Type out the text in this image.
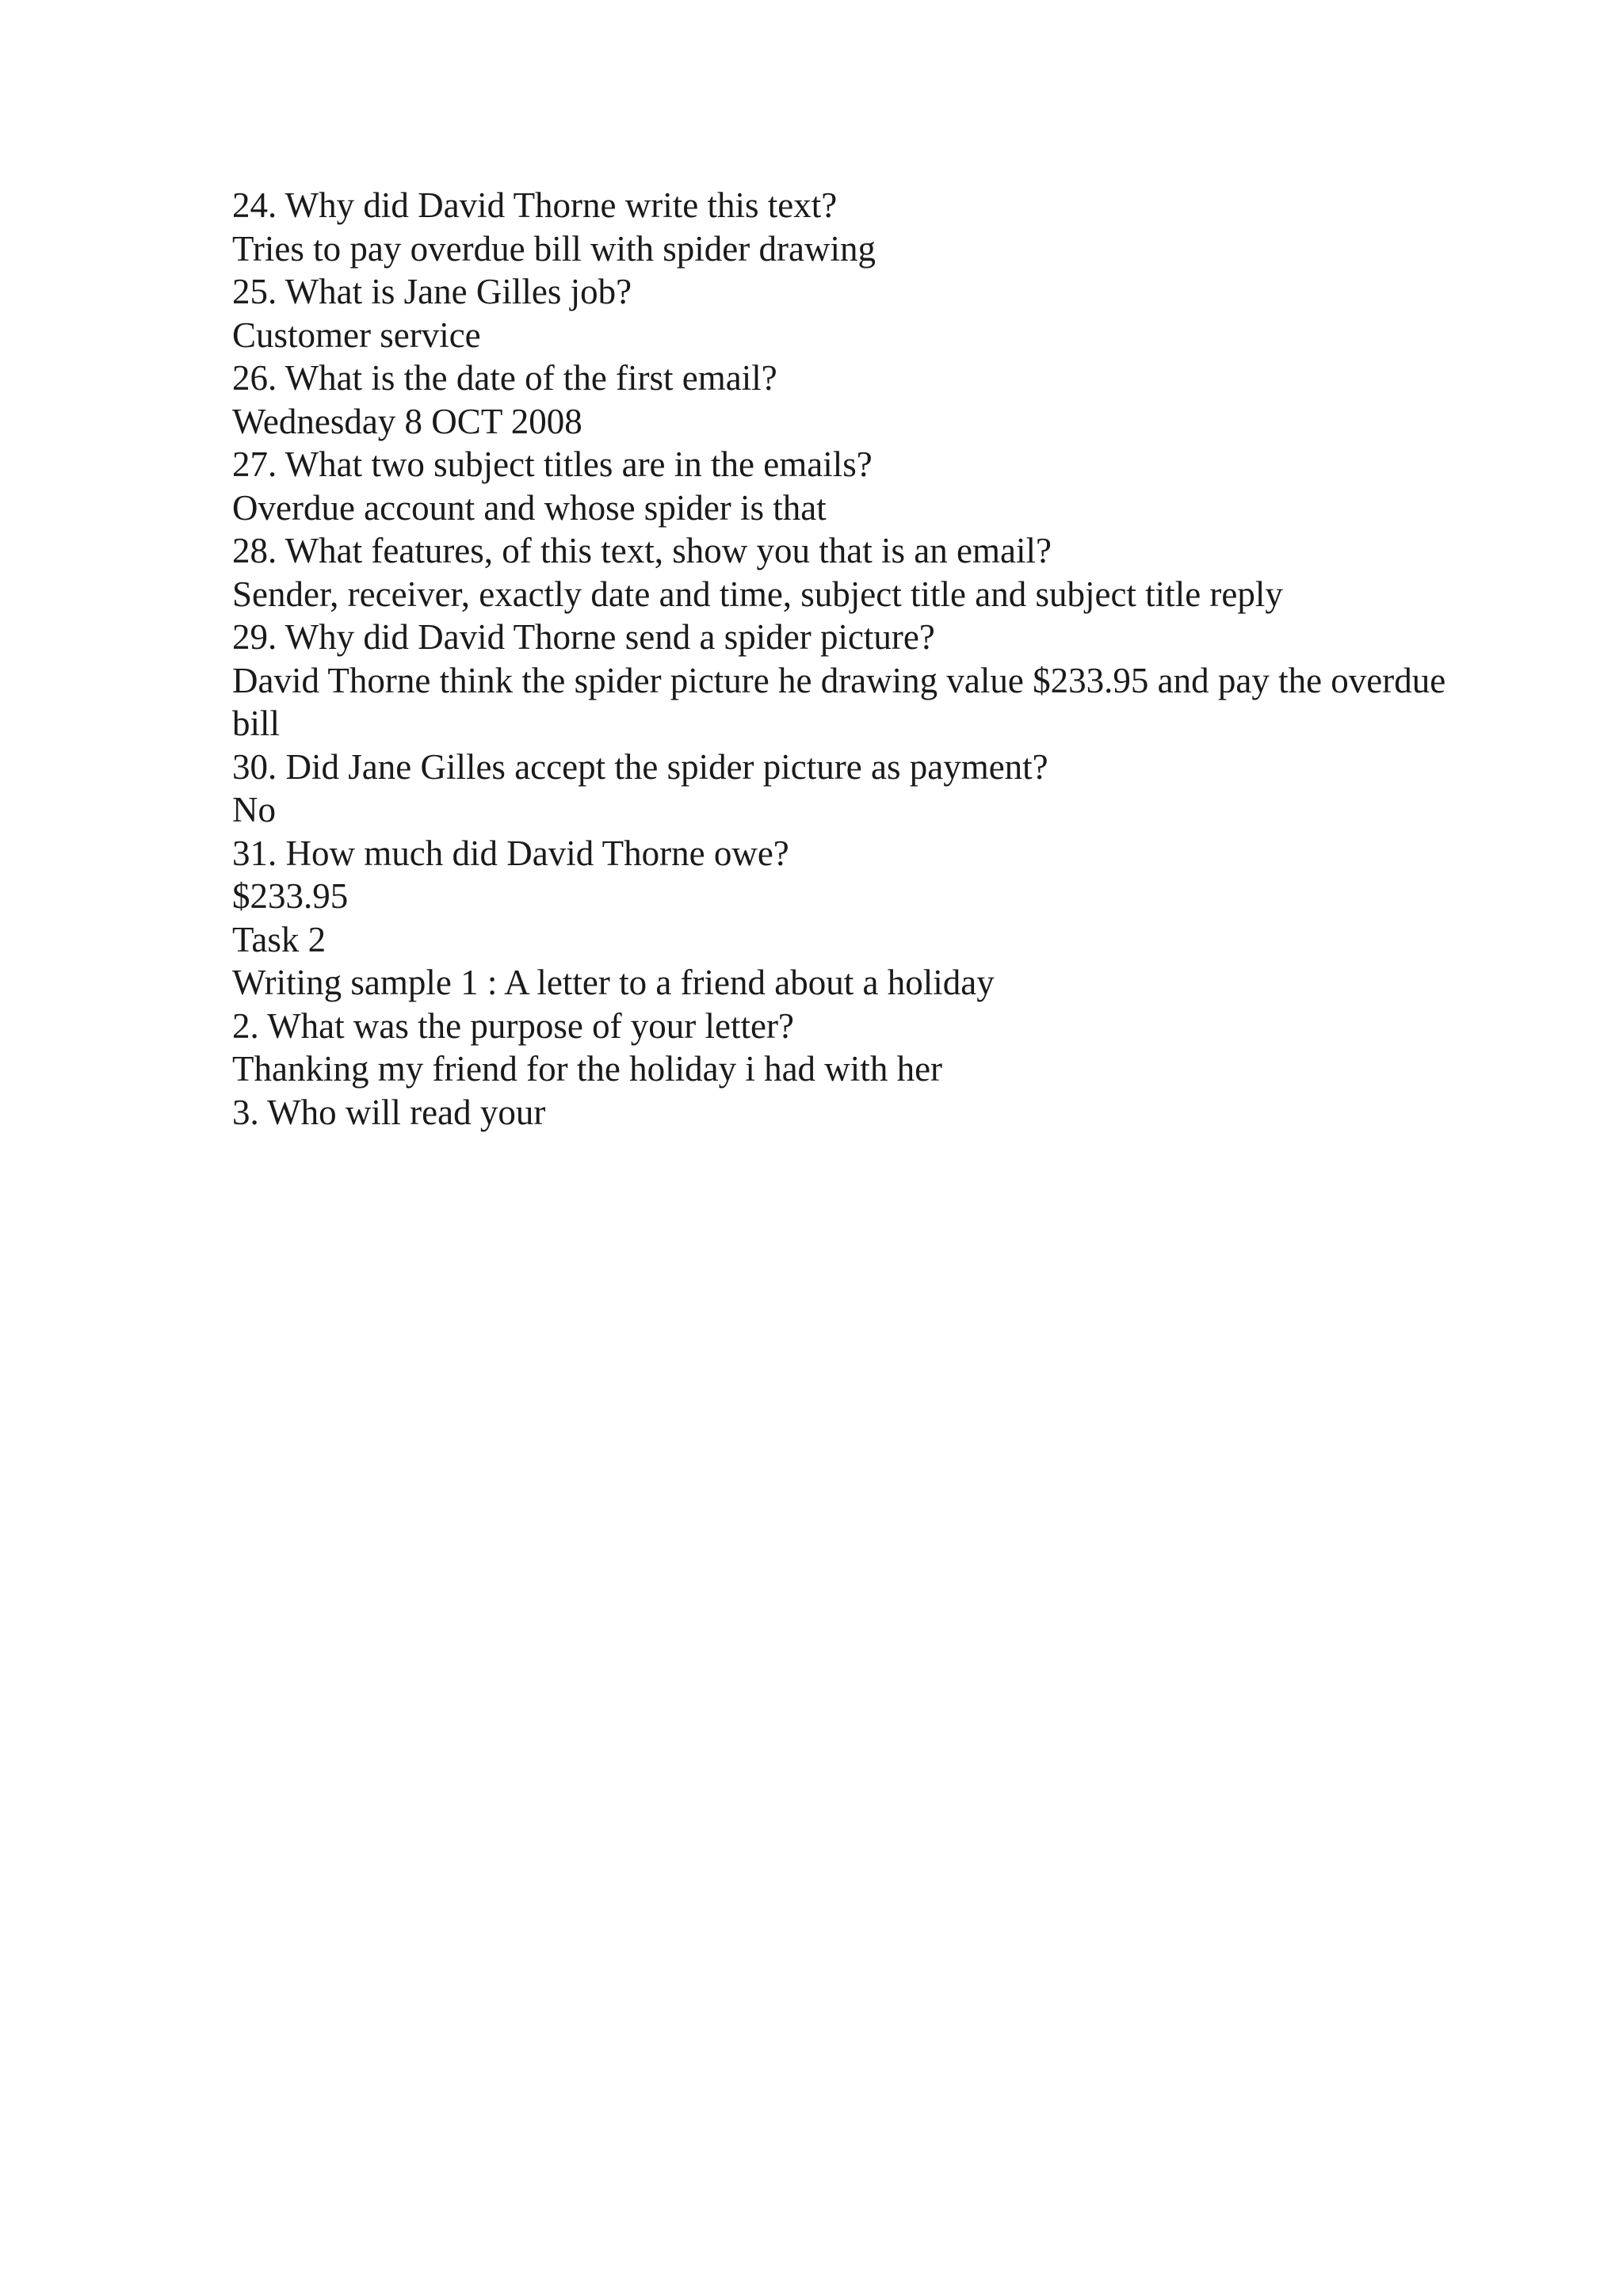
24. Why did David Thorne write this text?
Tries to pay overdue bill with spider drawing
25. What is Jane Gilles job?
Customer service
26. What is the date of the first email?
Wednesday 8 OCT 2008
27. What two subject titles are in the emails?
Overdue account and whose spider is that
28. What features, of this text, show you that is an email?
Sender, receiver, exactly date and time, subject title and subject title reply
29. Why did David Thorne send a spider picture?
David Thorne think the spider picture he drawing value $233.95 and pay the overdue bill
30. Did Jane Gilles accept the spider picture as payment?
No
31. How much did David Thorne owe?
$233.95
Task 2
Writing sample 1 : A letter to a friend about a holiday
2. What was the purpose of your letter?
Thanking my friend for the holiday i had with her
3. Who will read your
